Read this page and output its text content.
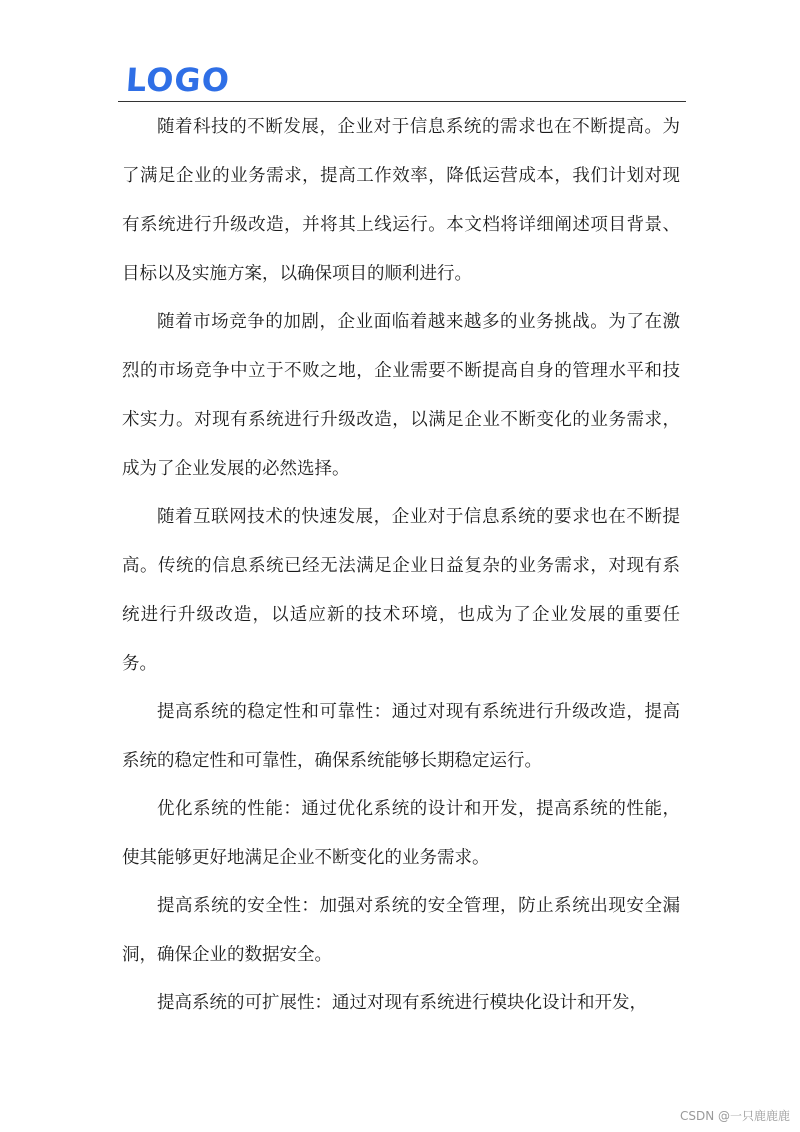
LOGO

随着科技的不断发展，企业对于信息系统的需求也在不断提高。为了满足企业的业务需求，提高工作效率，降低运营成本，我们计划对现有系统进行升级改造，并将其上线运行。本文档将详细阐述项目背景、目标以及实施方案，以确保项目的顺利进行。

随着市场竞争的加剧，企业面临着越来越多的业务挑战。为了在激烈的市场竞争中立于不败之地，企业需要不断提高自身的管理水平和技术实力。对现有系统进行升级改造，以满足企业不断变化的业务需求，成为了企业发展的必然选择。

随着互联网技术的快速发展，企业对于信息系统的要求也在不断提高。传统的信息系统已经无法满足企业日益复杂的业务需求，对现有系统进行升级改造，以适应新的技术环境，也成为了企业发展的重要任务。

提高系统的稳定性和可靠性：通过对现有系统进行升级改造，提高系统的稳定性和可靠性，确保系统能够长期稳定运行。

优化系统的性能：通过优化系统的设计和开发，提高系统的性能，使其能够更好地满足企业不断变化的业务需求。

提高系统的安全性：加强对系统的安全管理，防止系统出现安全漏洞，确保企业的数据安全。

提高系统的可扩展性：通过对现有系统进行模块化设计和开发，

CSDN @一只鹿鹿鹿
